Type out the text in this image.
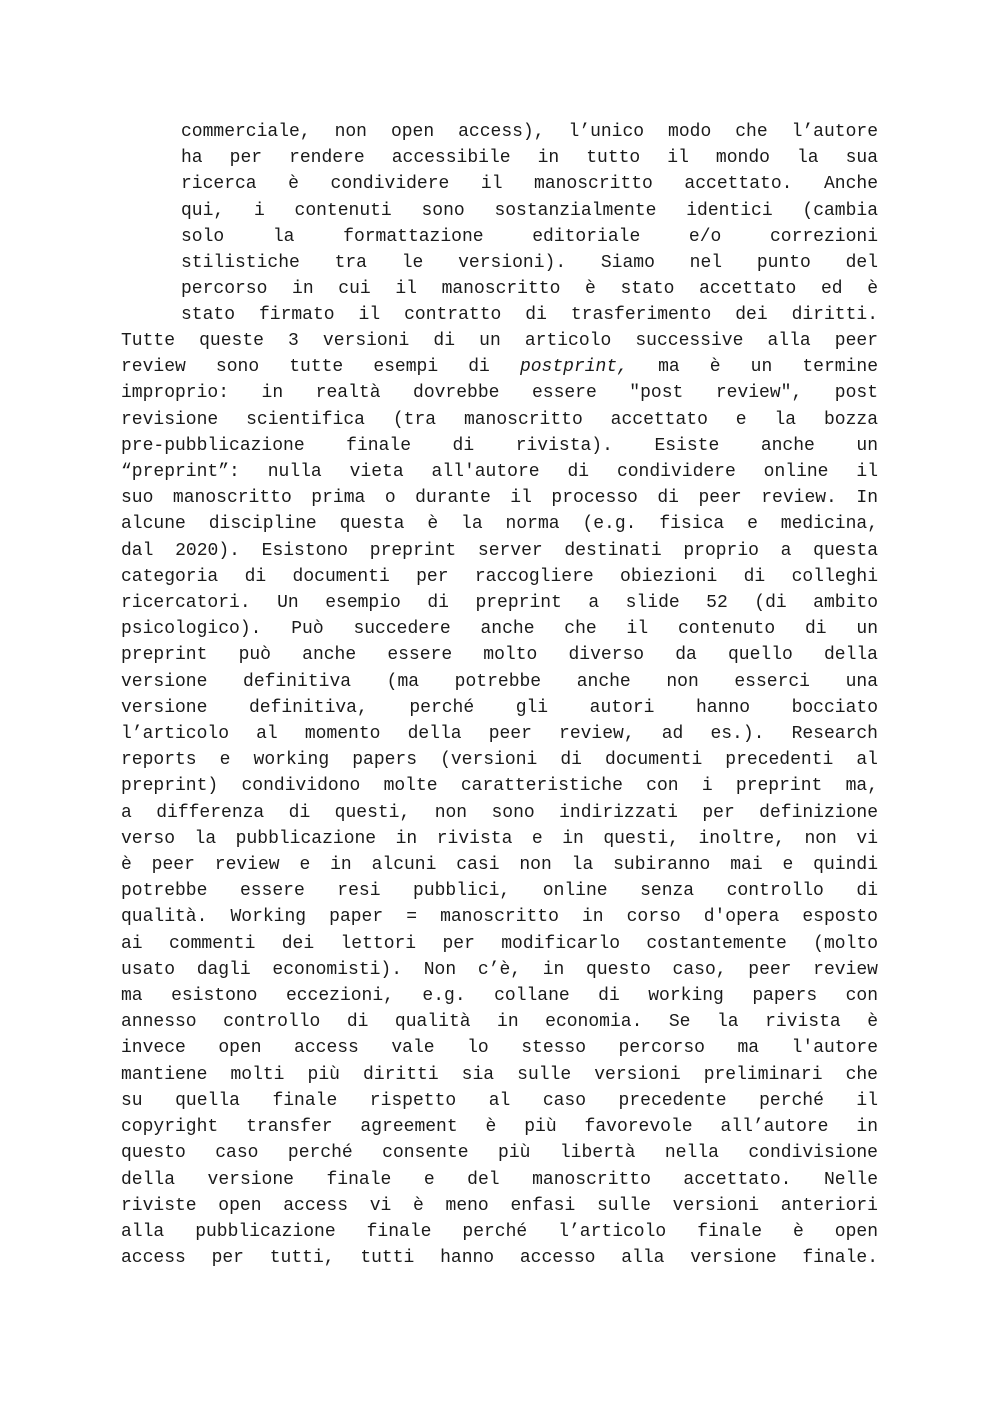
commerciale, non open access), l’unico modo che l’autore
ha per rendere accessibile in tutto il mondo la sua
ricerca è condividere il manoscritto accettato. Anche
qui, i contenuti sono sostanzialmente identici (cambia
solo la formattazione editoriale e/o correzioni
stilistiche tra le versioni). Siamo nel punto del
percorso in cui il manoscritto è stato accettato ed è
stato firmato il contratto di trasferimento dei diritti.
Tutte queste 3 versioni di un articolo successive alla peer
review sono tutte esempi di postprint, ma è un termine
improprio: in realtà dovrebbe essere "post review", post
revisione scientifica (tra manoscritto accettato e la bozza
pre-pubblicazione finale di rivista). Esiste anche un
“preprint”: nulla vieta all'autore di condividere online il
suo manoscritto prima o durante il processo di peer review. In
alcune discipline questa è la norma (e.g. fisica e medicina,
dal 2020). Esistono preprint server destinati proprio a questa
categoria di documenti per raccogliere obiezioni di colleghi
ricercatori. Un esempio di preprint a slide 52 (di ambito
psicologico). Può succedere anche che il contenuto di un
preprint può anche essere molto diverso da quello della
versione definitiva (ma potrebbe anche non esserci una
versione definitiva, perché gli autori hanno bocciato
l’articolo al momento della peer review, ad es.). Research
reports e working papers (versioni di documenti precedenti al
preprint) condividono molte caratteristiche con i preprint ma,
a differenza di questi, non sono indirizzati per definizione
verso la pubblicazione in rivista e in questi, inoltre, non vi
è peer review e in alcuni casi non la subiranno mai e quindi
potrebbe essere resi pubblici, online senza controllo di
qualità. Working paper = manoscritto in corso d'opera esposto
ai commenti dei lettori per modificarlo costantemente (molto
usato dagli economisti). Non c’è, in questo caso, peer review
ma esistono eccezioni, e.g. collane di working papers con
annesso controllo di qualità in economia. Se la rivista è
invece open access vale lo stesso percorso ma l'autore
mantiene molti più diritti sia sulle versioni preliminari che
su quella finale rispetto al caso precedente perché il
copyright transfer agreement è più favorevole all’autore in
questo caso perché consente più libertà nella condivisione
della versione finale e del manoscritto accettato. Nelle
riviste open access vi è meno enfasi sulle versioni anteriori
alla pubblicazione finale perché l’articolo finale è open
access per tutti, tutti hanno accesso alla versione finale.
